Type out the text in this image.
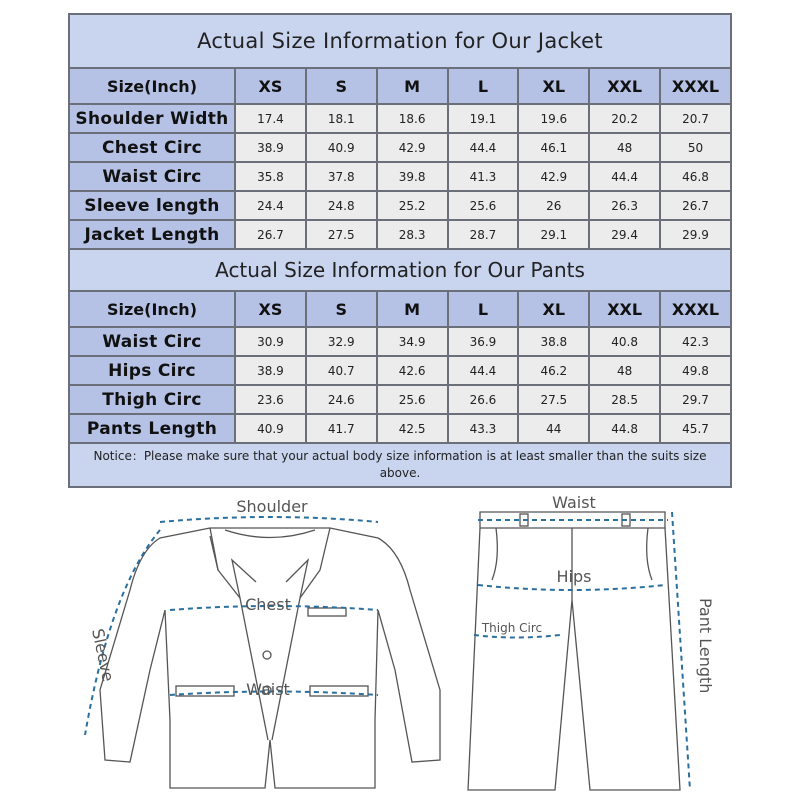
Actual Size Information for Our Jacket							
Size(Inch)	XS	S	M	L	XL	XXL	XXXL
Shoulder Width	17.4	18.1	18.6	19.1	19.6	20.2	20.7
Chest Circ	38.9	40.9	42.9	44.4	46.1	48	50
Waist Circ	35.8	37.8	39.8	41.3	42.9	44.4	46.8
Sleeve length	24.4	24.8	25.2	25.6	26	26.3	26.7
Jacket Length	26.7	27.5	28.3	28.7	29.1	29.4	29.9
Actual Size Information for Our Pants							
Size(Inch)	XS	S	M	L	XL	XXL	XXXL
Waist Circ	30.9	32.9	34.9	36.9	38.8	40.8	42.3
Hips Circ	38.9	40.7	42.6	44.4	46.2	48	49.8
Thigh Circ	23.6	24.6	25.6	26.6	27.5	28.5	29.7
Pants Length	40.9	41.7	42.5	43.3	44	44.8	45.7
Notice：Please make sure that your actual body size information is at least smaller than the suits size above.							
Shoulder
Sleeve
Chest
Waist
Waist
Hips
Thigh Circ	Pant Length
